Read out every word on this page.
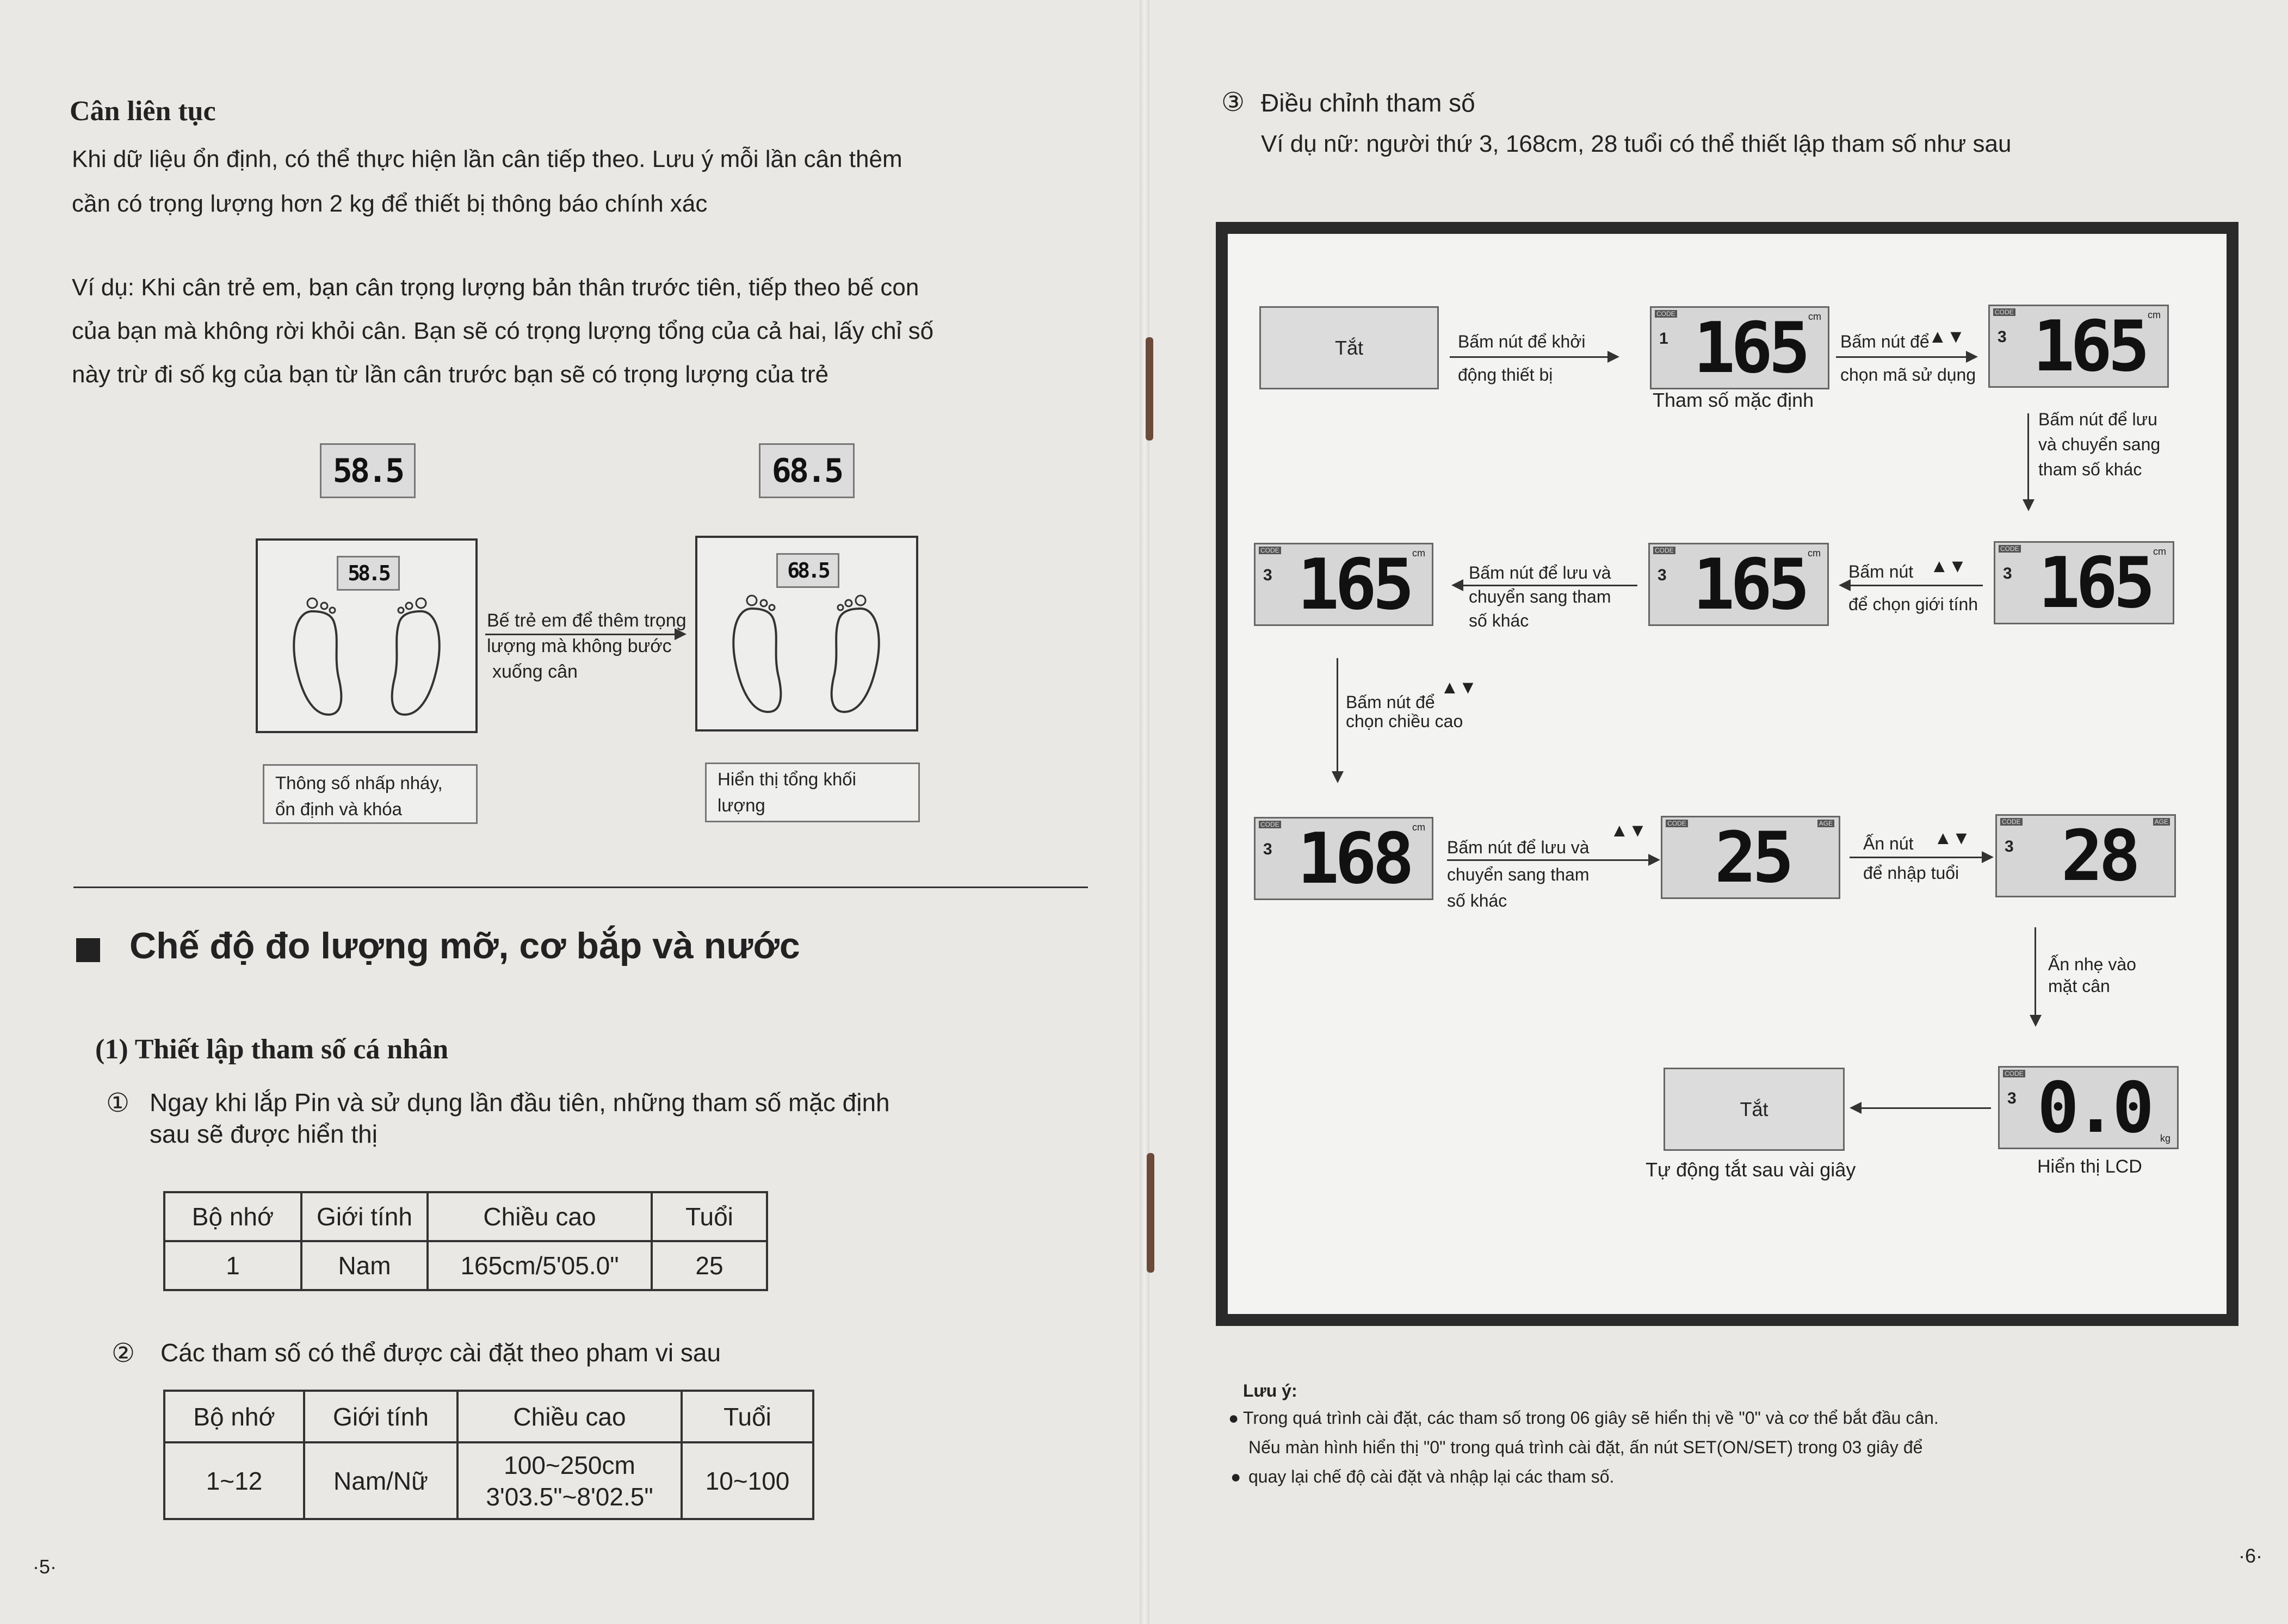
Cân liên tục
Khi dữ liệu ổn định, có thể thực hiện lần cân tiếp theo. Lưu ý mỗi lần cân thêm
cần có trọng lượng hơn 2 kg để thiết bị thông báo chính xác
Ví dụ: Khi cân trẻ em, bạn cân trọng lượng bản thân trước tiên, tiếp theo bế con
của bạn mà không rời khỏi cân. Bạn sẽ có trọng lượng tổng của cả hai, lấy chỉ số
này trừ đi số kg của bạn từ lần cân trước bạn sẽ có trọng lượng của trẻ
58.5	68.5
58.5	68.5
Bế trẻ em để thêm trọng
lượng mà không bước
xuống cân
Thông số nhấp nháy,
ổn định và khóa
Hiển thị tổng khối lượng
Chế độ đo lượng mỡ, cơ bắp và nước
(1) Thiết lập tham số cá nhân
① Ngay khi lắp Pin và sử dụng lần đầu tiên, những tham số mặc định
sau sẽ được hiển thị
Bộ nhớ	Giới tính	Chiều cao	Tuổi
1	Nam	165cm/5'05.0"	25
② Các tham số có thể được cài đặt theo pham vi sau
Bộ nhớ	Giới tính	Chiều cao	Tuổi
1~12	Nam/Nữ	100~250cm
3'03.5"~8'02.5"	10~100
·5·
③ Điều chỉnh tham số
Ví dụ nữ: người thứ 3, 168cm, 28 tuổi có thể thiết lập tham số như sau
Tắt	Bấm nút để khởi
động thiết bị
CODE
1 165 cm
Tham số mặc định
Bấm nút để
chọn mã sử dụng
▲▼
CODE
3 165 cm
Bấm nút để lưu
và chuyển sang
tham số khác
CODE
3 165 cm
Bấm nút
để chọn giới tính
▲▼
CODE
3 165 cm
Bấm nút để lưu và
chuyển sang tham
số khác
CODE
3 165 cm
Bấm nút để
chọn chiều cao
▲▼
CODE
3 168 cm
Bấm nút để lưu và
chuyển sang tham
số khác
▲▼	CODE	AGE
25	Ấn nút
để nhập tuổi
▲▼
CODE	AGE
3 28
Ấn nhẹ vào
mặt cân
CODE
3 0.0 kg
Hiển thị LCD
Tắt
Tự động tắt sau vài giây
Lưu ý:
● Trong quá trình cài đặt, các tham số trong 06 giây sẽ hiển thị về "0" và cơ thể bắt đầu cân.
Nếu màn hình hiển thị "0" trong quá trình cài đặt, ấn nút SET(ON/SET) trong 03 giây để
● quay lại chế độ cài đặt và nhập lại các tham số.
·6·
